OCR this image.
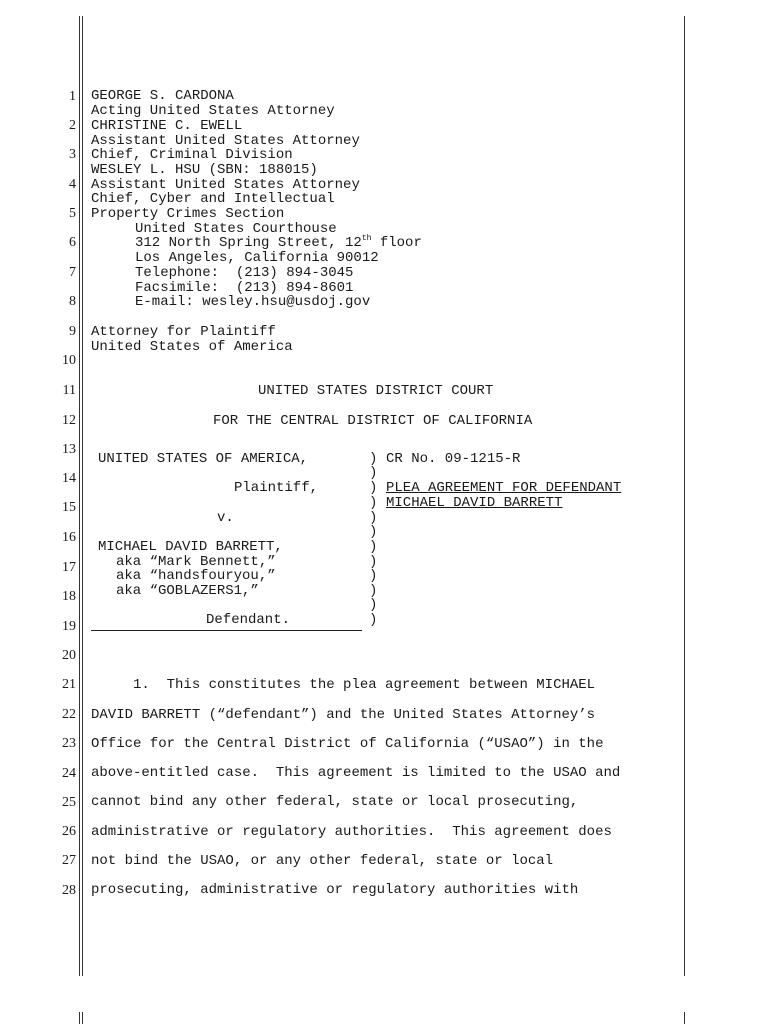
1
2
3
4
5
6
7
8
9
10
11
12
13
14
15
16
17
18
19
20
21
22
23
24
25
26
27
28
GEORGE S. CARDONA
Acting United States Attorney
CHRISTINE C. EWELL
Assistant United States Attorney
Chief, Criminal Division
WESLEY L. HSU (SBN: 188015)
Assistant United States Attorney
Chief, Cyber and Intellectual
Property Crimes Section
United States Courthouse
312 North Spring Street, 12th floor
Los Angeles, California 90012
Telephone:  (213) 894-3045
Facsimile:  (213) 894-8601
E-mail: wesley.hsu@usdoj.gov
Attorney for Plaintiff
United States of America
UNITED STATES DISTRICT COURT
FOR THE CENTRAL DISTRICT OF CALIFORNIA
UNITED STATES OF AMERICA,
Plaintiff,
v.
MICHAEL DAVID BARRETT,
aka “Mark Bennett,”
aka “handsfouryou,”
aka “GOBLAZERS1,”
Defendant.
)
)
)
)
)
)
)
)
)
)
)
)
CR No. 09-1215-R
PLEA AGREEMENT FOR DEFENDANT
MICHAEL DAVID BARRETT
1.  This constitutes the plea agreement between MICHAEL
DAVID BARRETT (“defendant”) and the United States Attorney’s
Office for the Central District of California (“USAO”) in the
above-entitled case.  This agreement is limited to the USAO and
cannot bind any other federal, state or local prosecuting,
administrative or regulatory authorities.  This agreement does
not bind the USAO, or any other federal, state or local
prosecuting, administrative or regulatory authorities with
